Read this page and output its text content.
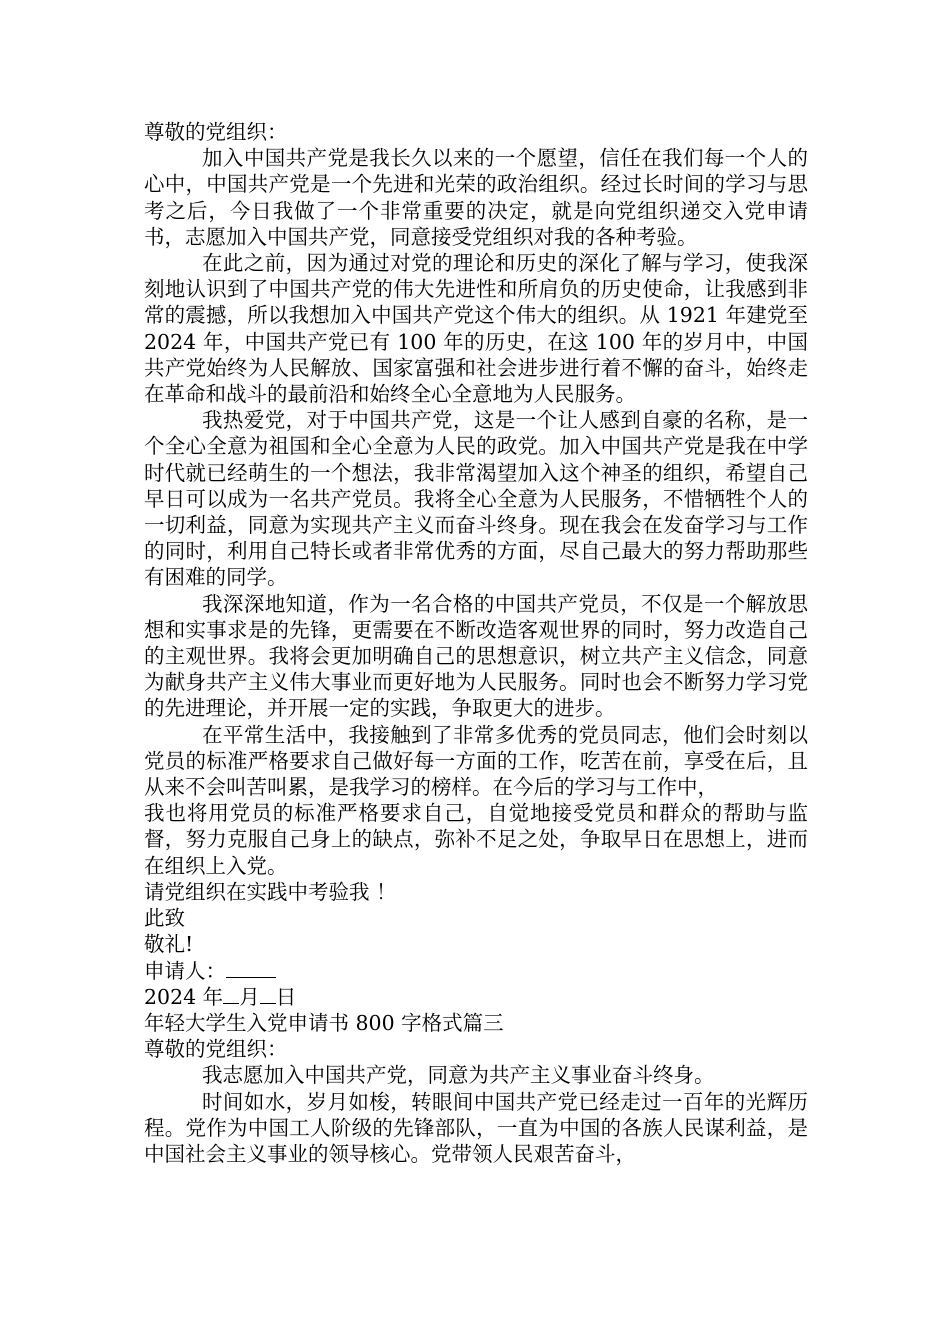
尊敬的党组织：

加入中国共产党是我长久以来的一个愿望，信任在我们每一个人的心中，中国共产党是一个先进和光荣的政治组织。经过长时间的学习与思考之后，今日我做了一个非常重要的决定，就是向党组织递交入党申请书，志愿加入中国共产党，同意接受党组织对我的各种考验。

在此之前，因为通过对党的理论和历史的深化了解与学习，使我深刻地认识到了中国共产党的伟大先进性和所肩负的历史使命，让我感到非常的震撼，所以我想加入中国共产党这个伟大的组织。从 1921 年建党至 2024 年，中国共产党已有 100 年的历史，在这 100 年的岁月中，中国共产党始终为人民解放、国家富强和社会进步进行着不懈的奋斗，始终走在革命和战斗的最前沿和始终全心全意地为人民服务。

我热爱党，对于中国共产党，这是一个让人感到自豪的名称，是一个全心全意为祖国和全心全意为人民的政党。加入中国共产党是我在中学时代就已经萌生的一个想法，我非常渴望加入这个神圣的组织，希望自己早日可以成为一名共产党员。我将全心全意为人民服务，不惜牺牲个人的一切利益，同意为实现共产主义而奋斗终身。现在我会在发奋学习与工作的同时，利用自己特长或者非常优秀的方面，尽自己最大的努力帮助那些有困难的同学。

我深深地知道，作为一名合格的中国共产党员，不仅是一个解放思想和实事求是的先锋，更需要在不断改造客观世界的同时，努力改造自己的主观世界。我将会更加明确自己的思想意识，树立共产主义信念，同意为献身共产主义伟大事业而更好地为人民服务。同时也会不断努力学习党的先进理论，并开展一定的实践，争取更大的进步。

在平常生活中，我接触到了非常多优秀的党员同志，他们会时刻以党员的标准严格要求自己做好每一方面的工作，吃苦在前，享受在后，且从来不会叫苦叫累，是我学习的榜样。在今后的学习与工作中，

我也将用党员的标准严格要求自己，自觉地接受党员和群众的帮助与监督，努力克服自己身上的缺点，弥补不足之处，争取早日在思想上，进而在组织上入党。

请党组织在实践中考验我 ！

此致

敬礼!

申请人：

2024 年 月 日

年轻大学生入党申请书 800 字格式篇三

尊敬的党组织：

我志愿加入中国共产党，同意为共产主义事业奋斗终身。

时间如水，岁月如梭，转眼间中国共产党已经走过一百年的光辉历程。党作为中国工人阶级的先锋部队，一直为中国的各族人民谋利益，是中国社会主义事业的领导核心。党带领人民艰苦奋斗，
